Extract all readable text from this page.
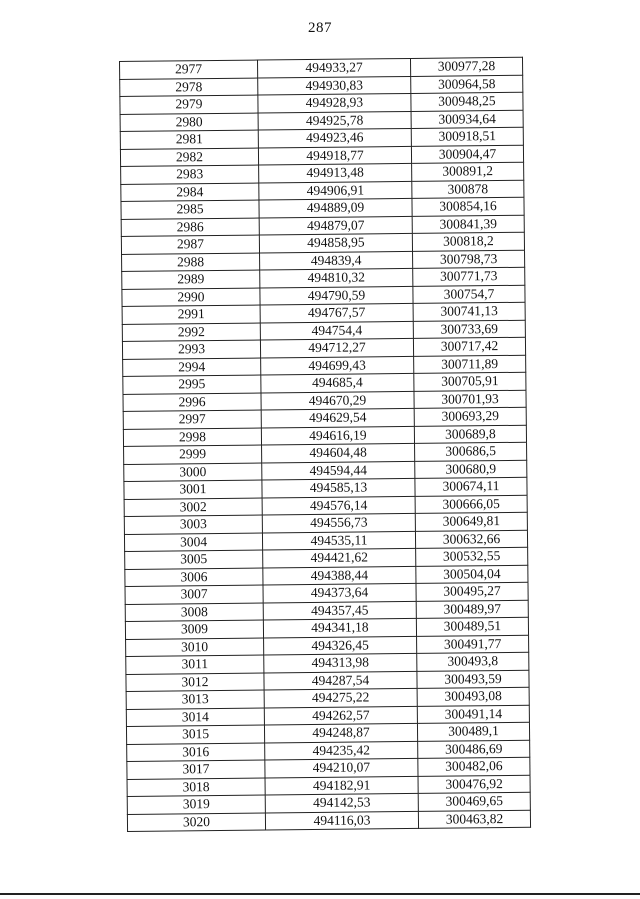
287
2977	494933,27	300977,28
2978	494930,83	300964,58
2979	494928,93	300948,25
2980	494925,78	300934,64
2981	494923,46	300918,51
2982	494918,77	300904,47
2983	494913,48	300891,2
2984	494906,91	300878
2985	494889,09	300854,16
2986	494879,07	300841,39
2987	494858,95	300818,2
2988	494839,4	300798,73
2989	494810,32	300771,73
2990	494790,59	300754,7
2991	494767,57	300741,13
2992	494754,4	300733,69
2993	494712,27	300717,42
2994	494699,43	300711,89
2995	494685,4	300705,91
2996	494670,29	300701,93
2997	494629,54	300693,29
2998	494616,19	300689,8
2999	494604,48	300686,5
3000	494594,44	300680,9
3001	494585,13	300674,11
3002	494576,14	300666,05
3003	494556,73	300649,81
3004	494535,11	300632,66
3005	494421,62	300532,55
3006	494388,44	300504,04
3007	494373,64	300495,27
3008	494357,45	300489,97
3009	494341,18	300489,51
3010	494326,45	300491,77
3011	494313,98	300493,8
3012	494287,54	300493,59
3013	494275,22	300493,08
3014	494262,57	300491,14
3015	494248,87	300489,1
3016	494235,42	300486,69
3017	494210,07	300482,06
3018	494182,91	300476,92
3019	494142,53	300469,65
3020	494116,03	300463,82
